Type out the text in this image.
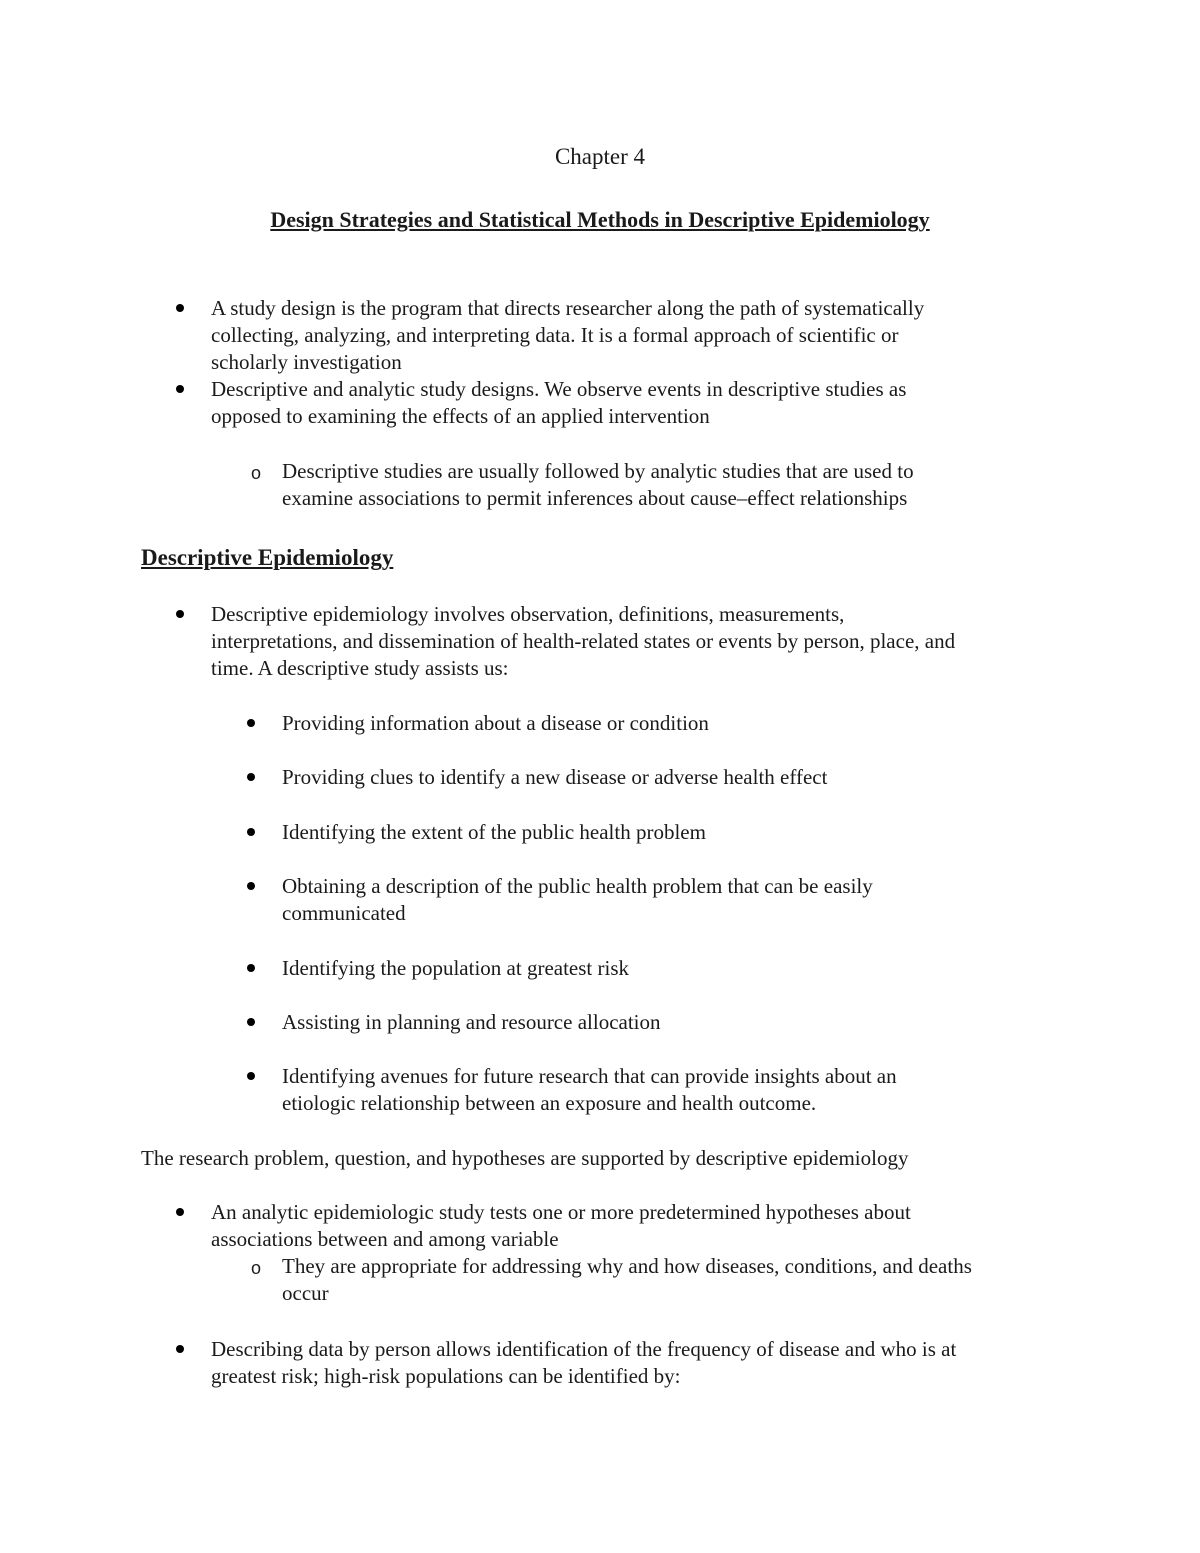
Chapter 4
Design Strategies and Statistical Methods in Descriptive Epidemiology
A study design is the program that directs researcher along the path of systematically
collecting, analyzing, and interpreting data. It is a formal approach of scientific or
scholarly investigation
Descriptive and analytic study designs. We observe events in descriptive studies as
opposed to examining the effects of an applied intervention
o Descriptive studies are usually followed by analytic studies that are used to
examine associations to permit inferences about cause–effect relationships
Descriptive Epidemiology
Descriptive epidemiology involves observation, definitions, measurements,
interpretations, and dissemination of health-related states or events by person, place, and
time. A descriptive study assists us:
Providing information about a disease or condition
Providing clues to identify a new disease or adverse health effect
Identifying the extent of the public health problem
Obtaining a description of the public health problem that can be easily
communicated
Identifying the population at greatest risk
Assisting in planning and resource allocation
Identifying avenues for future research that can provide insights about an
etiologic relationship between an exposure and health outcome.
The research problem, question, and hypotheses are supported by descriptive epidemiology
An analytic epidemiologic study tests one or more predetermined hypotheses about
associations between and among variable
o They are appropriate for addressing why and how diseases, conditions, and deaths
occur
Describing data by person allows identification of the frequency of disease and who is at
greatest risk; high-risk populations can be identified by:
